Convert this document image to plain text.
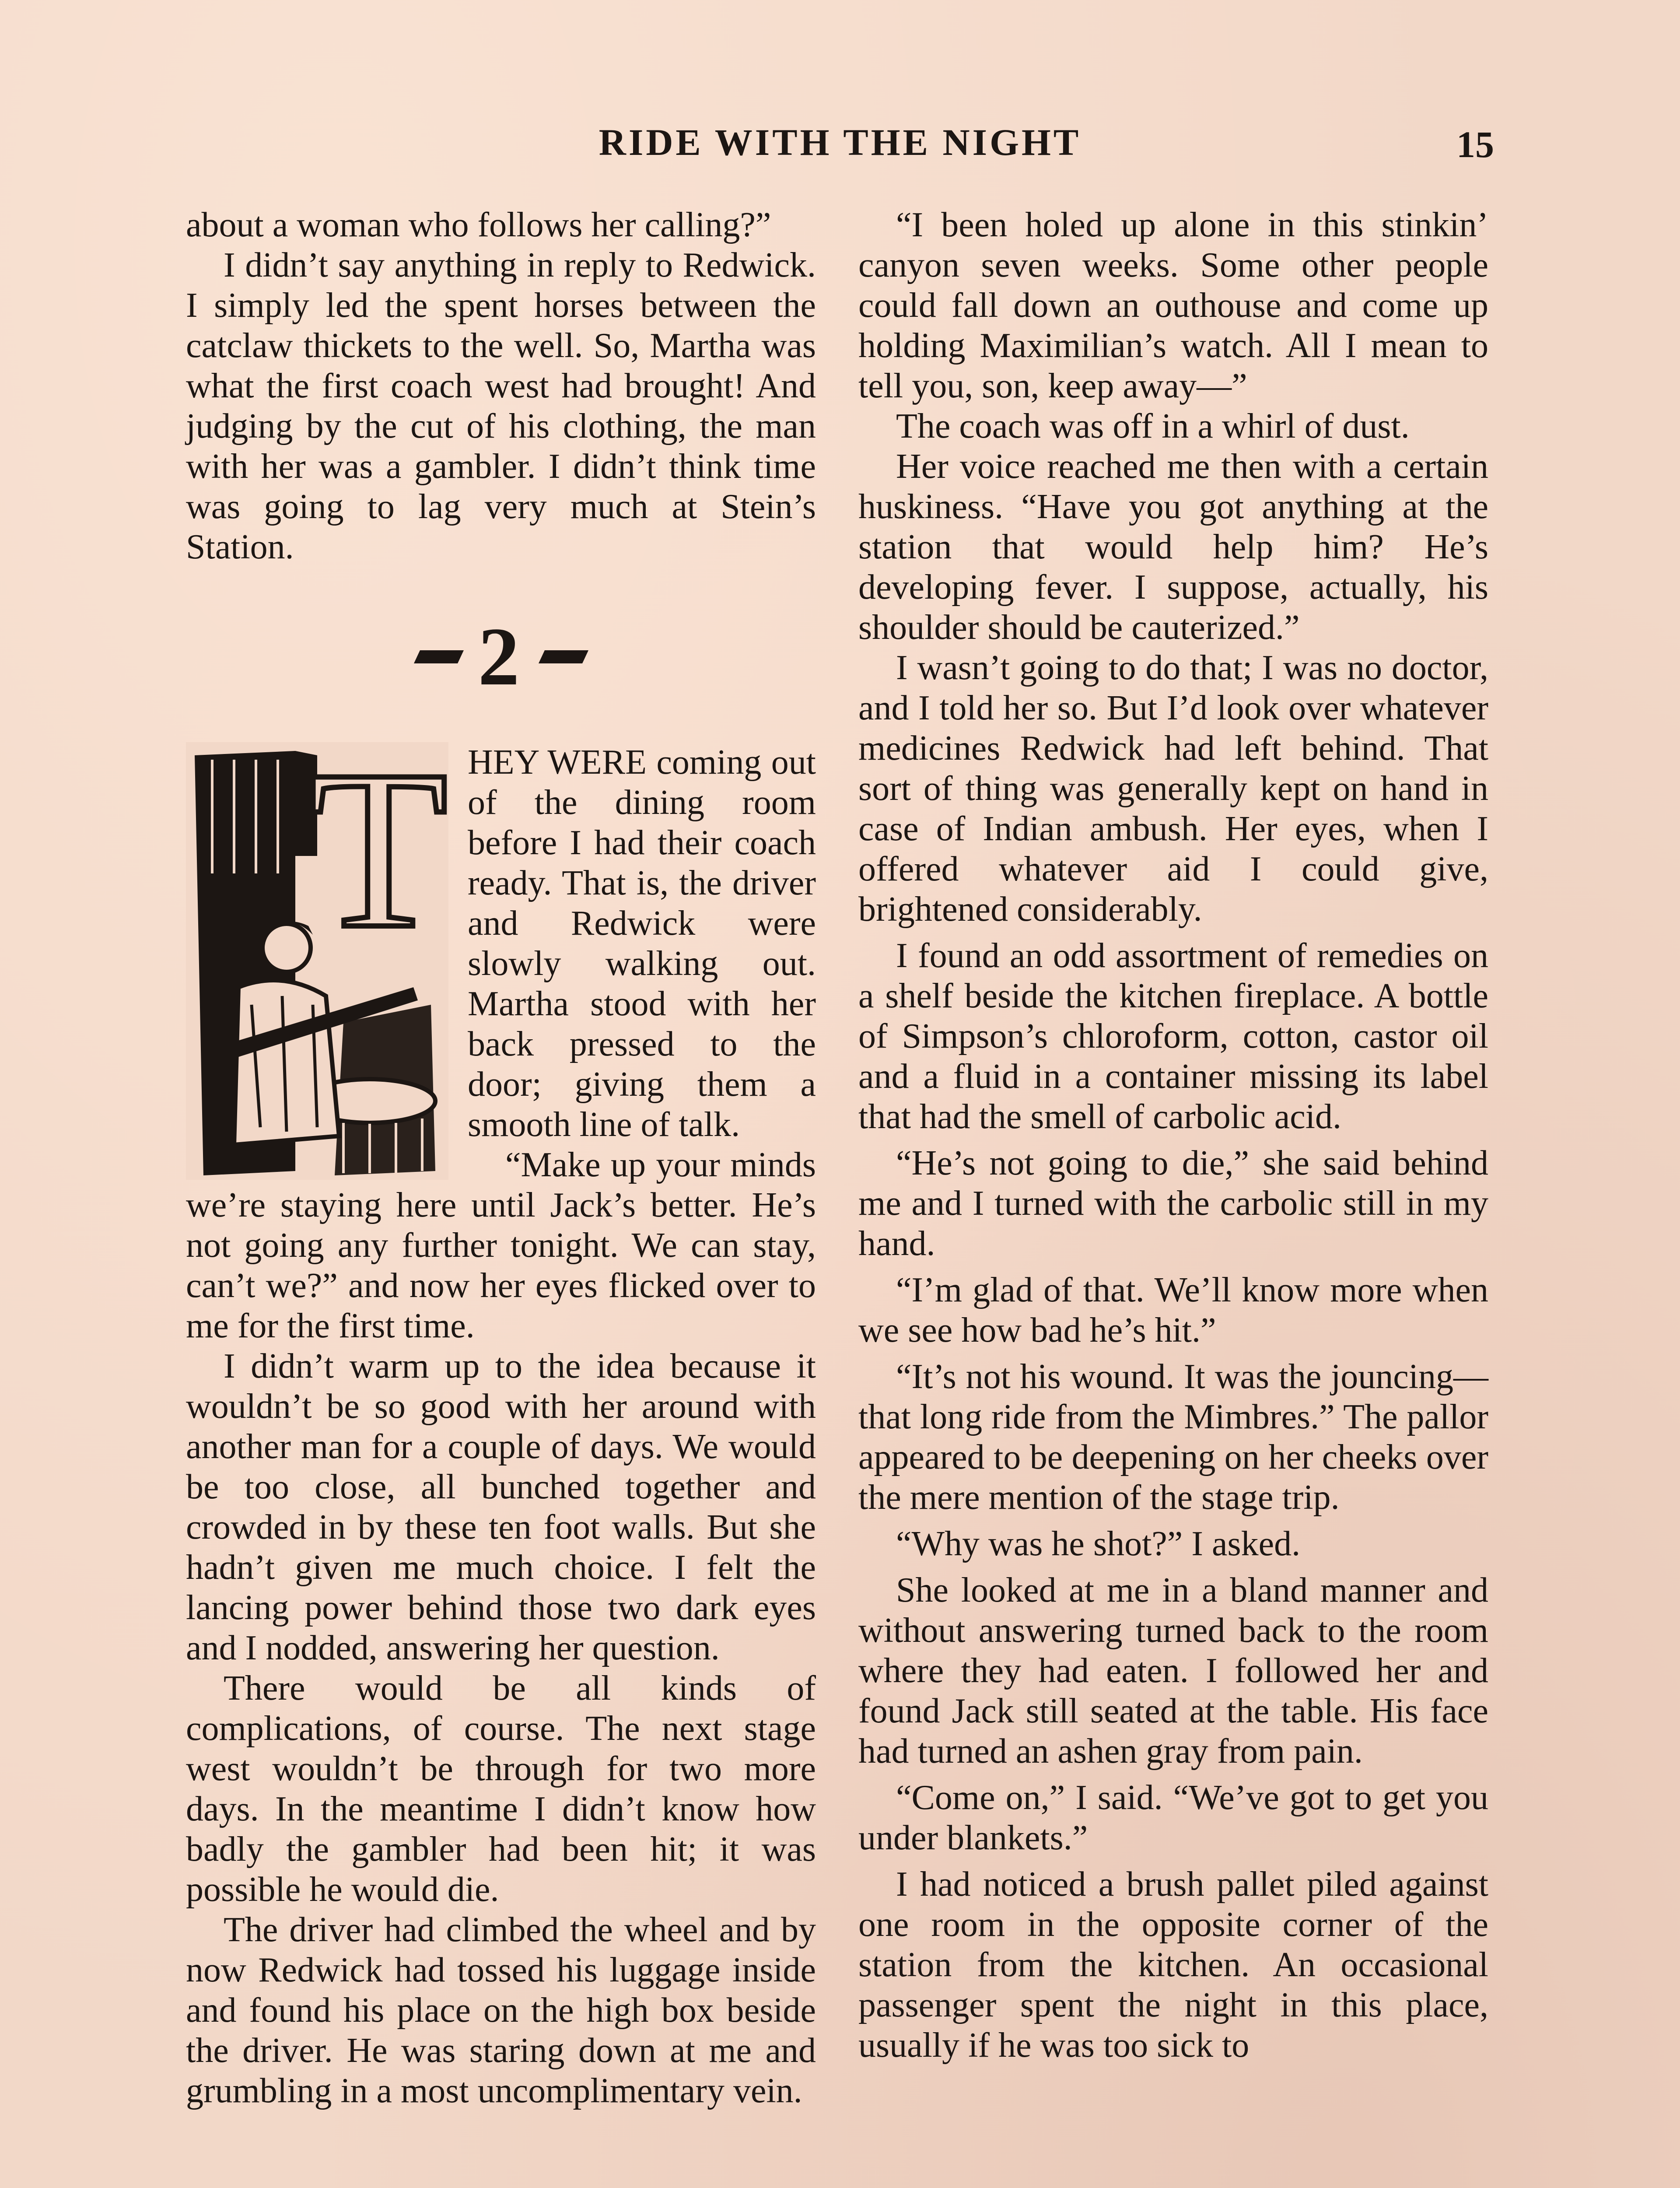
RIDE WITH THE NIGHT	15

about a woman who follows her calling?”

I didn’t say anything in reply to Redwick. I simply led the spent horses between the catclaw thickets to the well. So, Martha was what the first coach west had brought! And judging by the cut of his clothing, the man with her was a gambler. I didn’t think time was going to lag very much at Stein’s Station.

2
T HEY WERE coming out of the dining room before I had their coach ready. That is, the driver and Redwick were slowly walking out. Martha stood with her back pressed to the door; giving them a smooth line of talk.

“Make up your minds we’re staying here until Jack’s better. He’s not going any further tonight. We can stay, can’t we?” and now her eyes flicked over to me for the first time.

I didn’t warm up to the idea because it wouldn’t be so good with her around with another man for a couple of days. We would be too close, all bunched together and crowded in by these ten foot walls. But she hadn’t given me much choice. I felt the lancing power behind those two dark eyes and I nodded, answering her question.

There would be all kinds of complications, of course. The next stage west wouldn’t be through for two more days. In the meantime I didn’t know how badly the gambler had been hit; it was possible he would die.

The driver had climbed the wheel and by now Redwick had tossed his luggage inside and found his place on the high box beside the driver. He was staring down at me and grumbling in a most uncomplimentary vein.

“I been holed up alone in this stinkin’ canyon seven weeks. Some other people could fall down an outhouse and come up holding Maximilian’s watch. All I mean to tell you, son, keep away—”

The coach was off in a whirl of dust.

Her voice reached me then with a certain huskiness. “Have you got anything at the station that would help him? He’s developing fever. I suppose, actually, his shoulder should be cauterized.”

I wasn’t going to do that; I was no doctor, and I told her so. But I’d look over whatever medicines Redwick had left behind. That sort of thing was generally kept on hand in case of Indian ambush. Her eyes, when I offered whatever aid I could give, brightened considerably.

I found an odd assortment of remedies on a shelf beside the kitchen fireplace. A bottle of Simpson’s chloroform, cotton, castor oil and a fluid in a container missing its label that had the smell of carbolic acid.

“He’s not going to die,” she said behind me and I turned with the carbolic still in my hand.

“I’m glad of that. We’ll know more when we see how bad he’s hit.”

“It’s not his wound. It was the jouncing—that long ride from the Mimbres.” The pallor appeared to be deepening on her cheeks over the mere mention of the stage trip.

“Why was he shot?” I asked.

She looked at me in a bland manner and without answering turned back to the room where they had eaten. I followed her and found Jack still seated at the table. His face had turned an ashen gray from pain.

“Come on,” I said. “We’ve got to get you under blankets.”

I had noticed a brush pallet piled against one room in the opposite corner of the station from the kitchen. An occasional passenger spent the night in this place, usually if he was too sick to
